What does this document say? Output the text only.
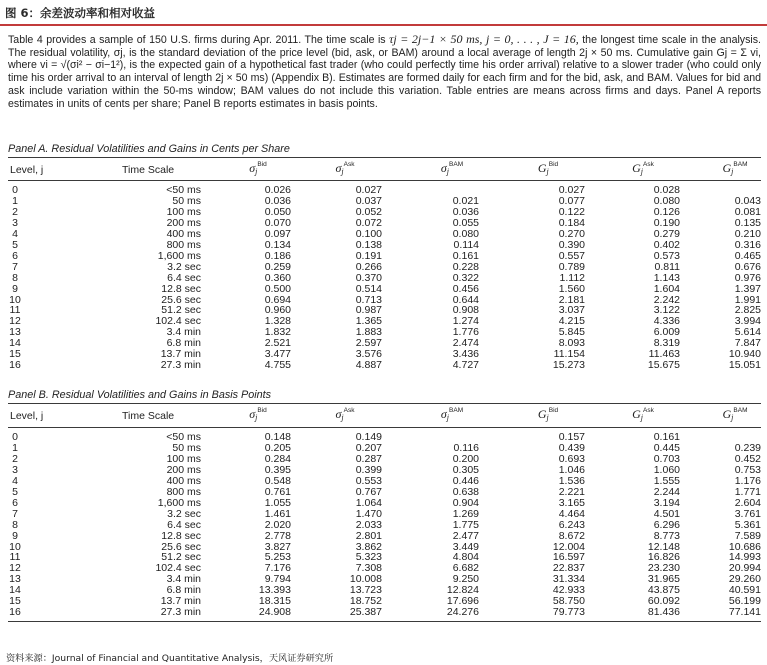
图 6：余差波动率和相对收益

Table 4 provides a sample of 150 U.S. firms during Apr. 2011. The time scale is τj = 2j−1 × 50 ms, j = 0, . . . , J = 16, the longest time scale in the analysis. The residual volatility, σj, is the standard deviation of the price level (bid, ask, or BAM) around a local average of length 2j × 50 ms. Cumulative gain Gj = Σ vi, where vi = √(σi² − σi−1²), is the expected gain of a hypothetical fast trader (who could perfectly time his order arrival) relative to a slower trader (who could only time his order arrival to an interval of length 2j × 50 ms) (Appendix B). Estimates are formed daily for each firm and for the bid, ask, and BAM. Values for bid and ask include variation within the 50-ms window; BAM values do not include this variation. Table entries are means across firms and days. Panel A reports estimates in units of cents per share; Panel B reports estimates in basis points.

Panel A. Residual Volatilities and Gains in Cents per Share
Level, j	Time Scale	$\sigma_j^{Bid}$	$\sigma_j^{Ask}$	$\sigma_j^{BAM}$	$G_j^{Bid}$	$G_j^{Ask}$	$G_j^{BAM}$
0	<50 ms	0.026	0.027		0.027	0.028	
1	50 ms	0.036	0.037	0.021	0.077	0.080	0.043
2	100 ms	0.050	0.052	0.036	0.122	0.126	0.081
3	200 ms	0.070	0.072	0.055	0.184	0.190	0.135
4	400 ms	0.097	0.100	0.080	0.270	0.279	0.210
5	800 ms	0.134	0.138	0.114	0.390	0.402	0.316
6	1,600 ms	0.186	0.191	0.161	0.557	0.573	0.465
7	3.2 sec	0.259	0.266	0.228	0.789	0.811	0.676
8	6.4 sec	0.360	0.370	0.322	1.112	1.143	0.976
9	12.8 sec	0.500	0.514	0.456	1.560	1.604	1.397
10	25.6 sec	0.694	0.713	0.644	2.181	2.242	1.991
11	51.2 sec	0.960	0.987	0.908	3.037	3.122	2.825
12	102.4 sec	1.328	1.365	1.274	4.215	4.336	3.994
13	3.4 min	1.832	1.883	1.776	5.845	6.009	5.614
14	6.8 min	2.521	2.597	2.474	8.093	8.319	7.847
15	13.7 min	3.477	3.576	3.436	11.154	11.463	10.940
16	27.3 min	4.755	4.887	4.727	15.273	15.675	15.051
Panel B. Residual Volatilities and Gains in Basis Points
Level, j	Time Scale	$\sigma_j^{Bid}$	$\sigma_j^{Ask}$	$\sigma_j^{BAM}$	$G_j^{Bid}$	$G_j^{Ask}$	$G_j^{BAM}$
0	<50 ms	0.148	0.149		0.157	0.161	
1	50 ms	0.205	0.207	0.116	0.439	0.445	0.239
2	100 ms	0.284	0.287	0.200	0.693	0.703	0.452
3	200 ms	0.395	0.399	0.305	1.046	1.060	0.753
4	400 ms	0.548	0.553	0.446	1.536	1.555	1.176
5	800 ms	0.761	0.767	0.638	2.221	2.244	1.771
6	1,600 ms	1.055	1.064	0.904	3.165	3.194	2.604
7	3.2 sec	1.461	1.470	1.269	4.464	4.501	3.761
8	6.4 sec	2.020	2.033	1.775	6.243	6.296	5.361
9	12.8 sec	2.778	2.801	2.477	8.672	8.773	7.589
10	25.6 sec	3.827	3.862	3.449	12.004	12.148	10.686
11	51.2 sec	5.253	5.323	4.804	16.597	16.826	14.993
12	102.4 sec	7.176	7.308	6.682	22.837	23.230	20.994
13	3.4 min	9.794	10.008	9.250	31.334	31.965	29.260
14	6.8 min	13.393	13.723	12.824	42.933	43.875	40.591
15	13.7 min	18.315	18.752	17.696	58.750	60.092	56.199
16	27.3 min	24.908	25.387	24.276	79.773	81.436	77.141
资料来源：Journal of Financial and Quantitative Analysis，天风证券研究所
